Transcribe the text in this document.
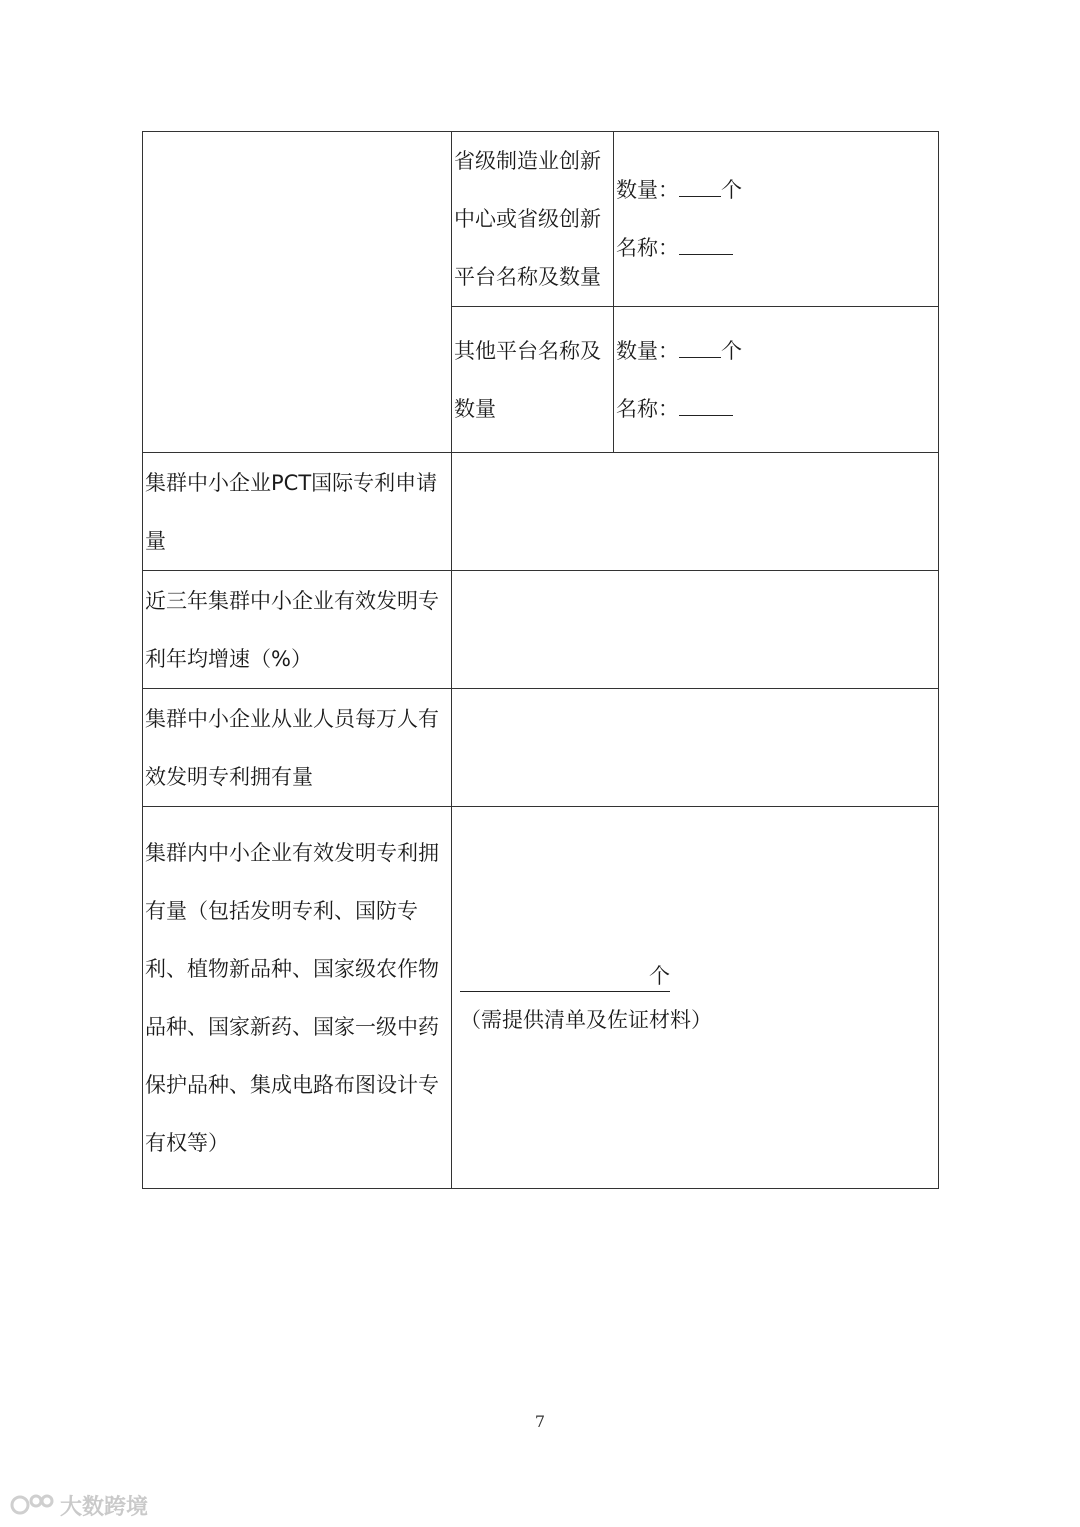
	省级制造业创新中心或省级创新平台名称及数量	数量： 个
名称：

	其他平台名称及数量	数量： 个
名称：

集群中小企业PCT国际专利申请量		

近三年集群中小企业有效发明专利年均增速（%）		

集群中小企业从业人员每万人有效发明专利拥有量		

集群内中小企业有效发明专利拥有量（包括发明专利、国防专利、植物新品种、国家级农作物品种、国家新药、国家一级中药保护品种、集成电路布图设计专有权等）	个
（需提供清单及佐证材料）	
7
大数跨境
